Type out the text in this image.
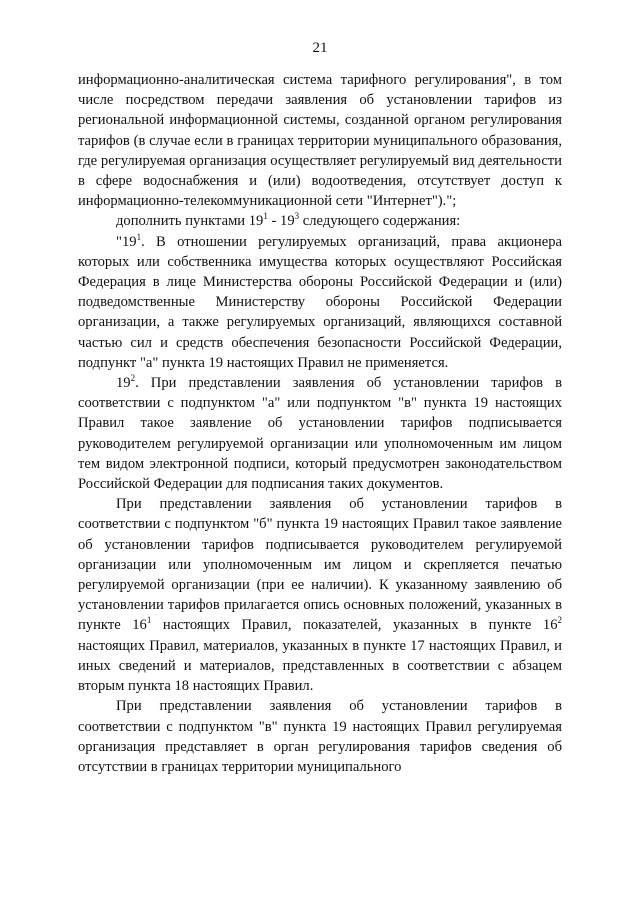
21

информационно-аналитическая система тарифного регулирования", в том числе посредством передачи заявления об установлении тарифов из региональной информационной системы, созданной органом регулирования тарифов (в случае если в границах территории муниципального образования, где регулируемая организация осуществляет регулируемый вид деятельности в сфере водоснабжения и (или) водоотведения, отсутствует доступ к информационно-телекоммуникационной сети "Интернет").";

дополнить пунктами $19^1 - 19^3$ следующего содержания:

"$19^1$. В отношении регулируемых организаций, права акционера которых или собственника имущества которых осуществляют Российская Федерация в лице Министерства обороны Российской Федерации и (или) подведомственные Министерству обороны Российской Федерации организации, а также регулируемых организаций, являющихся составной частью сил и средств обеспечения безопасности Российской Федерации, подпункт "а" пункта 19 настоящих Правил не применяется.

$19^2$. При представлении заявления об установлении тарифов в соответствии с подпунктом "а" или подпунктом "в" пункта 19 настоящих Правил такое заявление об установлении тарифов подписывается руководителем регулируемой организации или уполномоченным им лицом тем видом электронной подписи, который предусмотрен законодательством Российской Федерации для подписания таких документов.

При представлении заявления об установлении тарифов в соответствии с подпунктом "б" пункта 19 настоящих Правил такое заявление об установлении тарифов подписывается руководителем регулируемой организации или уполномоченным им лицом и скрепляется печатью регулируемой организации (при ее наличии). К указанному заявлению об установлении тарифов прилагается опись основных положений, указанных в пункте $16^1$ настоящих Правил, показателей, указанных в пункте $16^2$ настоящих Правил, материалов, указанных в пункте 17 настоящих Правил, и иных сведений и материалов, представленных в соответствии с абзацем вторым пункта 18 настоящих Правил.

При представлении заявления об установлении тарифов в соответствии с подпунктом "в" пункта 19 настоящих Правил регулируемая организация представляет в орган регулирования тарифов сведения об отсутствии в границах территории муниципального
